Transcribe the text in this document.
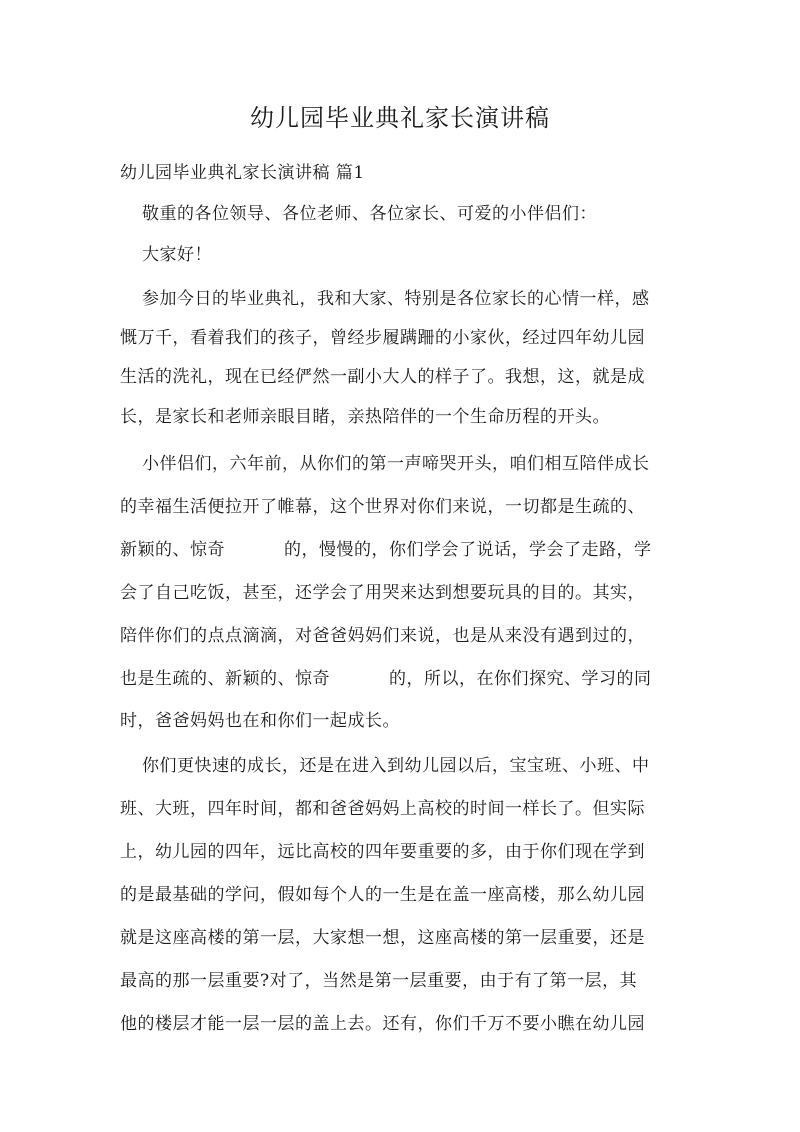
幼儿园毕业典礼家长演讲稿
幼儿园毕业典礼家长演讲稿 篇1
敬重的各位领导、各位老师、各位家长、可爱的小伴侣们：
大家好！
参加今日的毕业典礼，我和大家、特别是各位家长的心情一样，感
慨万千，看着我们的孩子，曾经步履蹒跚的小家伙，经过四年幼儿园
生活的洗礼，现在已经俨然一副小大人的样子了。我想，这，就是成
长，是家长和老师亲眼目睹，亲热陪伴的一个生命历程的开头。
小伴侣们，六年前，从你们的第一声啼哭开头，咱们相互陪伴成长
的幸福生活便拉开了帷幕，这个世界对你们来说，一切都是生疏的、
新颖的、惊奇          的，慢慢的，你们学会了说话，学会了走路，学
会了自己吃饭，甚至，还学会了用哭来达到想要玩具的目的。其实，
陪伴你们的点点滴滴，对爸爸妈妈们来说，也是从来没有遇到过的，
也是生疏的、新颖的、惊奇          的，所以，在你们探究、学习的同
时，爸爸妈妈也在和你们一起成长。
你们更快速的成长，还是在进入到幼儿园以后，宝宝班、小班、中
班、大班，四年时间，都和爸爸妈妈上高校的时间一样长了。但实际
上，幼儿园的四年，远比高校的四年要重要的多，由于你们现在学到
的是最基础的学问，假如每个人的一生是在盖一座高楼，那么幼儿园
就是这座高楼的第一层，大家想一想，这座高楼的第一层重要，还是
最高的那一层重要?对了，当然是第一层重要，由于有了第一层，其
他的楼层才能一层一层的盖上去。还有，你们千万不要小瞧在幼儿园
